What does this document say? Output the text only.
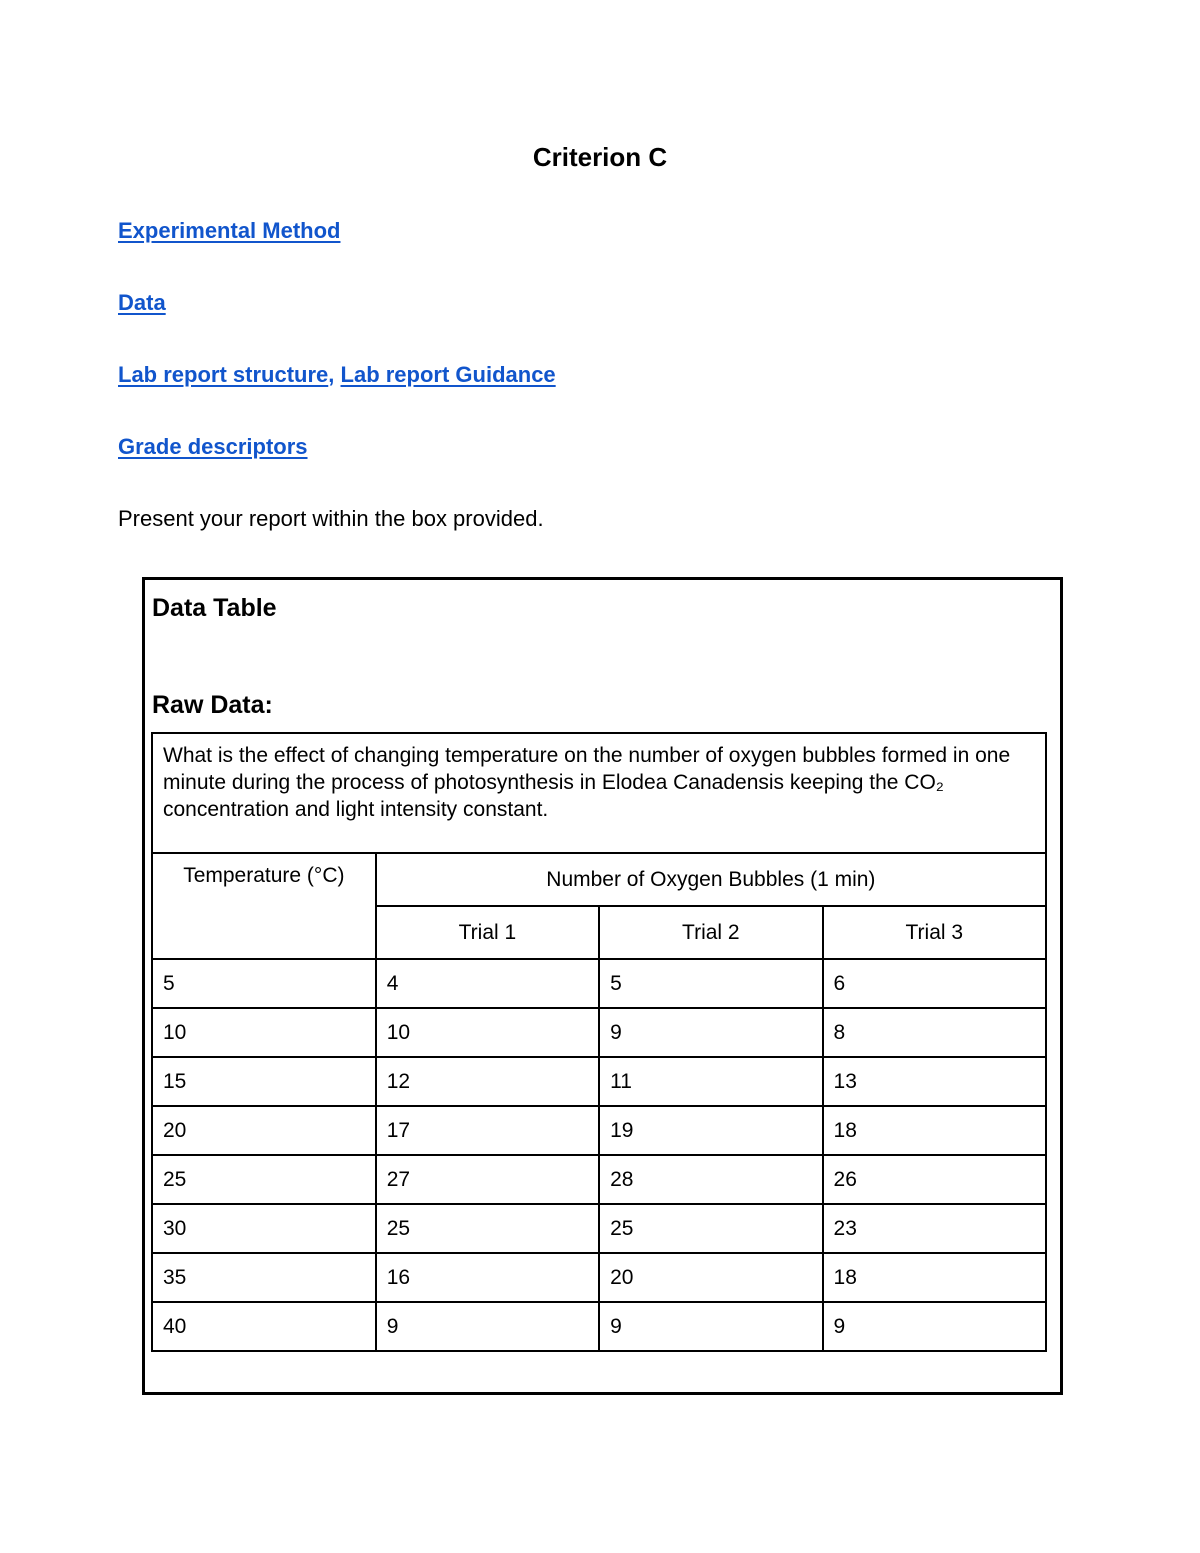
Criterion C
Experimental Method
Data
Lab report structure, Lab report Guidance
Grade descriptors
Present your report within the box provided.
Data Table
Raw Data:
What is the effect of changing temperature on the number of oxygen bubbles formed in one minute during the process of photosynthesis in Elodea Canadensis keeping the CO₂ concentration and light intensity constant.			
Temperature (°C)	Number of Oxygen Bubbles (1 min)		
	Trial 1	Trial 2	Trial 3
5	4	5	6
10	10	9	8
15	12	11	13
20	17	19	18
25	27	28	26
30	25	25	23
35	16	20	18
40	9	9	9
